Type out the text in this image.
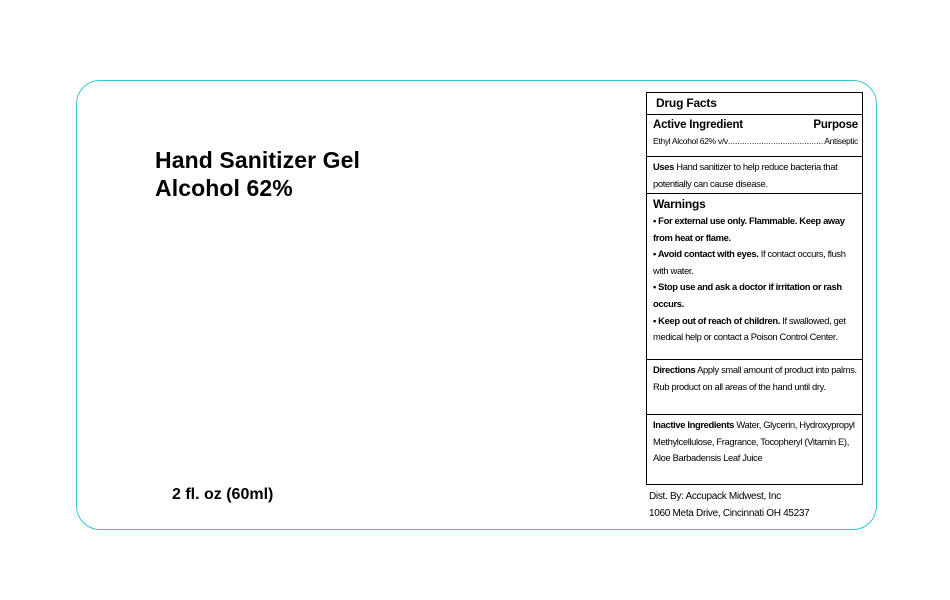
Hand Sanitizer Gel
Alcohol 62%
2 fl. oz (60ml)
Drug Facts
Active Ingredient	Purpose
Ethyl Alcohol 62% v/v
.....	Antiseptic
Uses Hand sanitizer to help reduce bacteria that potentially can cause disease.
Warnings
• For external use only. Flammable. Keep away from heat or flame.
• Avoid contact with eyes. If contact occurs, flush with water.
• Stop use and ask a doctor if irritation or rash occurs.
• Keep out of reach of children. If swallowed, get medical help or contact a Poison Control Center.
Directions Apply small amount of product into palms. Rub product on all areas of the hand until dry.
Inactive Ingredients Water, Glycerin, Hydroxypropyl Methylcellulose, Fragrance, Tocopheryl (Vitamin E), Aloe Barbadensis Leaf Juice
Dist. By: Accupack Midwest, Inc
1060 Meta Drive, Cincinnati OH 45237
